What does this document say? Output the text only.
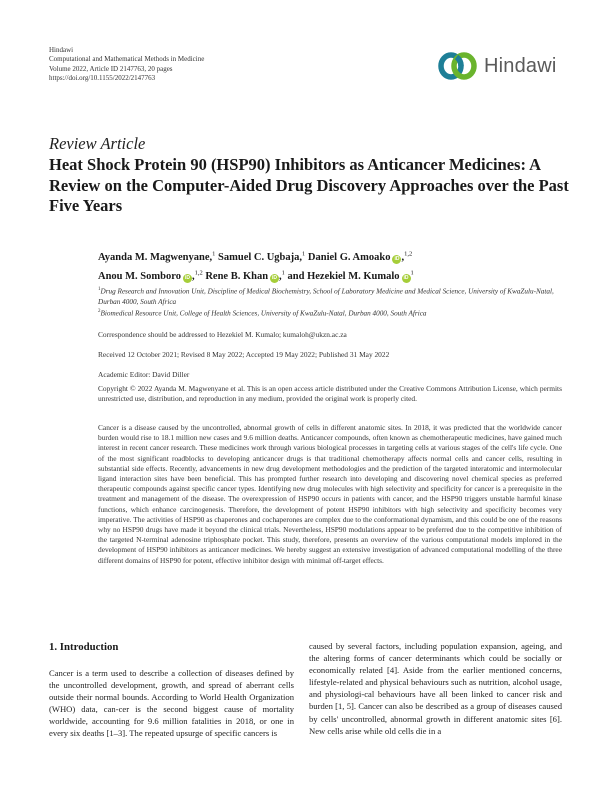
Hindawi
Computational and Mathematical Methods in Medicine
Volume 2022, Article ID 2147763, 20 pages
https://doi.org/10.1155/2022/2147763
Hindawi
Review Article
Heat Shock Protein 90 (HSP90) Inhibitors as Anticancer Medicines: A Review on the Computer-Aided Drug Discovery Approaches over the Past Five Years
Ayanda M. Magwenyane,$^1$ Samuel C. Ugbaja,$^1$ Daniel G. Amoako iD ,$^{1,2}$
Anou M. Somboro iD ,$^{1,2}$ Rene B. Khan iD ,$^1$ and Hezekiel M. Kumalo $iD^1$
$^1$Drug Research and Innovation Unit, Discipline of Medical Biochemistry, School of Laboratory Medicine and Medical Science, University of KwaZulu-Natal, Durban 4000, South Africa
$^2$Biomedical Resource Unit, College of Health Sciences, University of KwaZulu-Natal, Durban 4000, South Africa
Correspondence should be addressed to Hezekiel M. Kumalo; kumaloh@ukzn.ac.za
Received 12 October 2021; Revised 8 May 2022; Accepted 19 May 2022; Published 31 May 2022
Academic Editor: David Diller
Copyright © 2022 Ayanda M. Magwenyane et al. This is an open access article distributed under the Creative Commons Attribution License, which permits unrestricted use, distribution, and reproduction in any medium, provided the original work is properly cited.
Cancer is a disease caused by the uncontrolled, abnormal growth of cells in different anatomic sites. In 2018, it was predicted that the worldwide cancer burden would rise to 18.1 million new cases and 9.6 million deaths. Anticancer compounds, often known as chemotherapeutic medicines, have gained much interest in recent cancer research. These medicines work through various biological processes in targeting cells at various stages of the cell's life cycle. One of the most significant roadblocks to developing anticancer drugs is that traditional chemotherapy affects normal cells and cancer cells, resulting in substantial side effects. Recently, advancements in new drug development methodologies and the prediction of the targeted interatomic and intermolecular ligand interaction sites have been beneficial. This has prompted further research into developing and discovering novel chemical species as preferred therapeutic compounds against specific cancer types. Identifying new drug molecules with high selectivity and specificity for cancer is a prerequisite in the treatment and management of the disease. The overexpression of HSP90 occurs in patients with cancer, and the HSP90 triggers unstable harmful kinase functions, which enhance carcinogenesis. Therefore, the development of potent HSP90 inhibitors with high selectivity and specificity becomes very imperative. The activities of HSP90 as chaperones and cochaperones are complex due to the conformational dynamism, and this could be one of the reasons why no HSP90 drugs have made it beyond the clinical trials. Nevertheless, HSP90 modulations appear to be preferred due to the competitive inhibition of the targeted N-terminal adenosine triphosphate pocket. This study, therefore, presents an overview of the various computational models implored in the development of HSP90 inhibitors as anticancer medicines. We hereby suggest an extensive investigation of advanced computational modelling of the three different domains of HSP90 for potent, effective inhibitor design with minimal off-target effects.
1. Introduction
Cancer is a term used to describe a collection of diseases defined by the uncontrolled development, growth, and spread of aberrant cells outside their normal bounds. According to World Health Organization (WHO) data, can-cer is the second biggest cause of mortality worldwide, accounting for 9.6 million fatalities in 2018, or one in every six deaths [1–3]. The repeated upsurge of specific cancers is
caused by several factors, including population expansion, ageing, and the altering forms of cancer determinants which could be socially or economically related [4]. Aside from the earlier mentioned concerns, lifestyle-related and physical behaviours such as nutrition, alcohol usage, and physiologi-cal behaviours have all been linked to cancer risk and burden [1, 5]. Cancer can also be described as a group of diseases caused by cells' uncontrolled, abnormal growth in different anatomic sites [6]. New cells arise while old cells die in a
